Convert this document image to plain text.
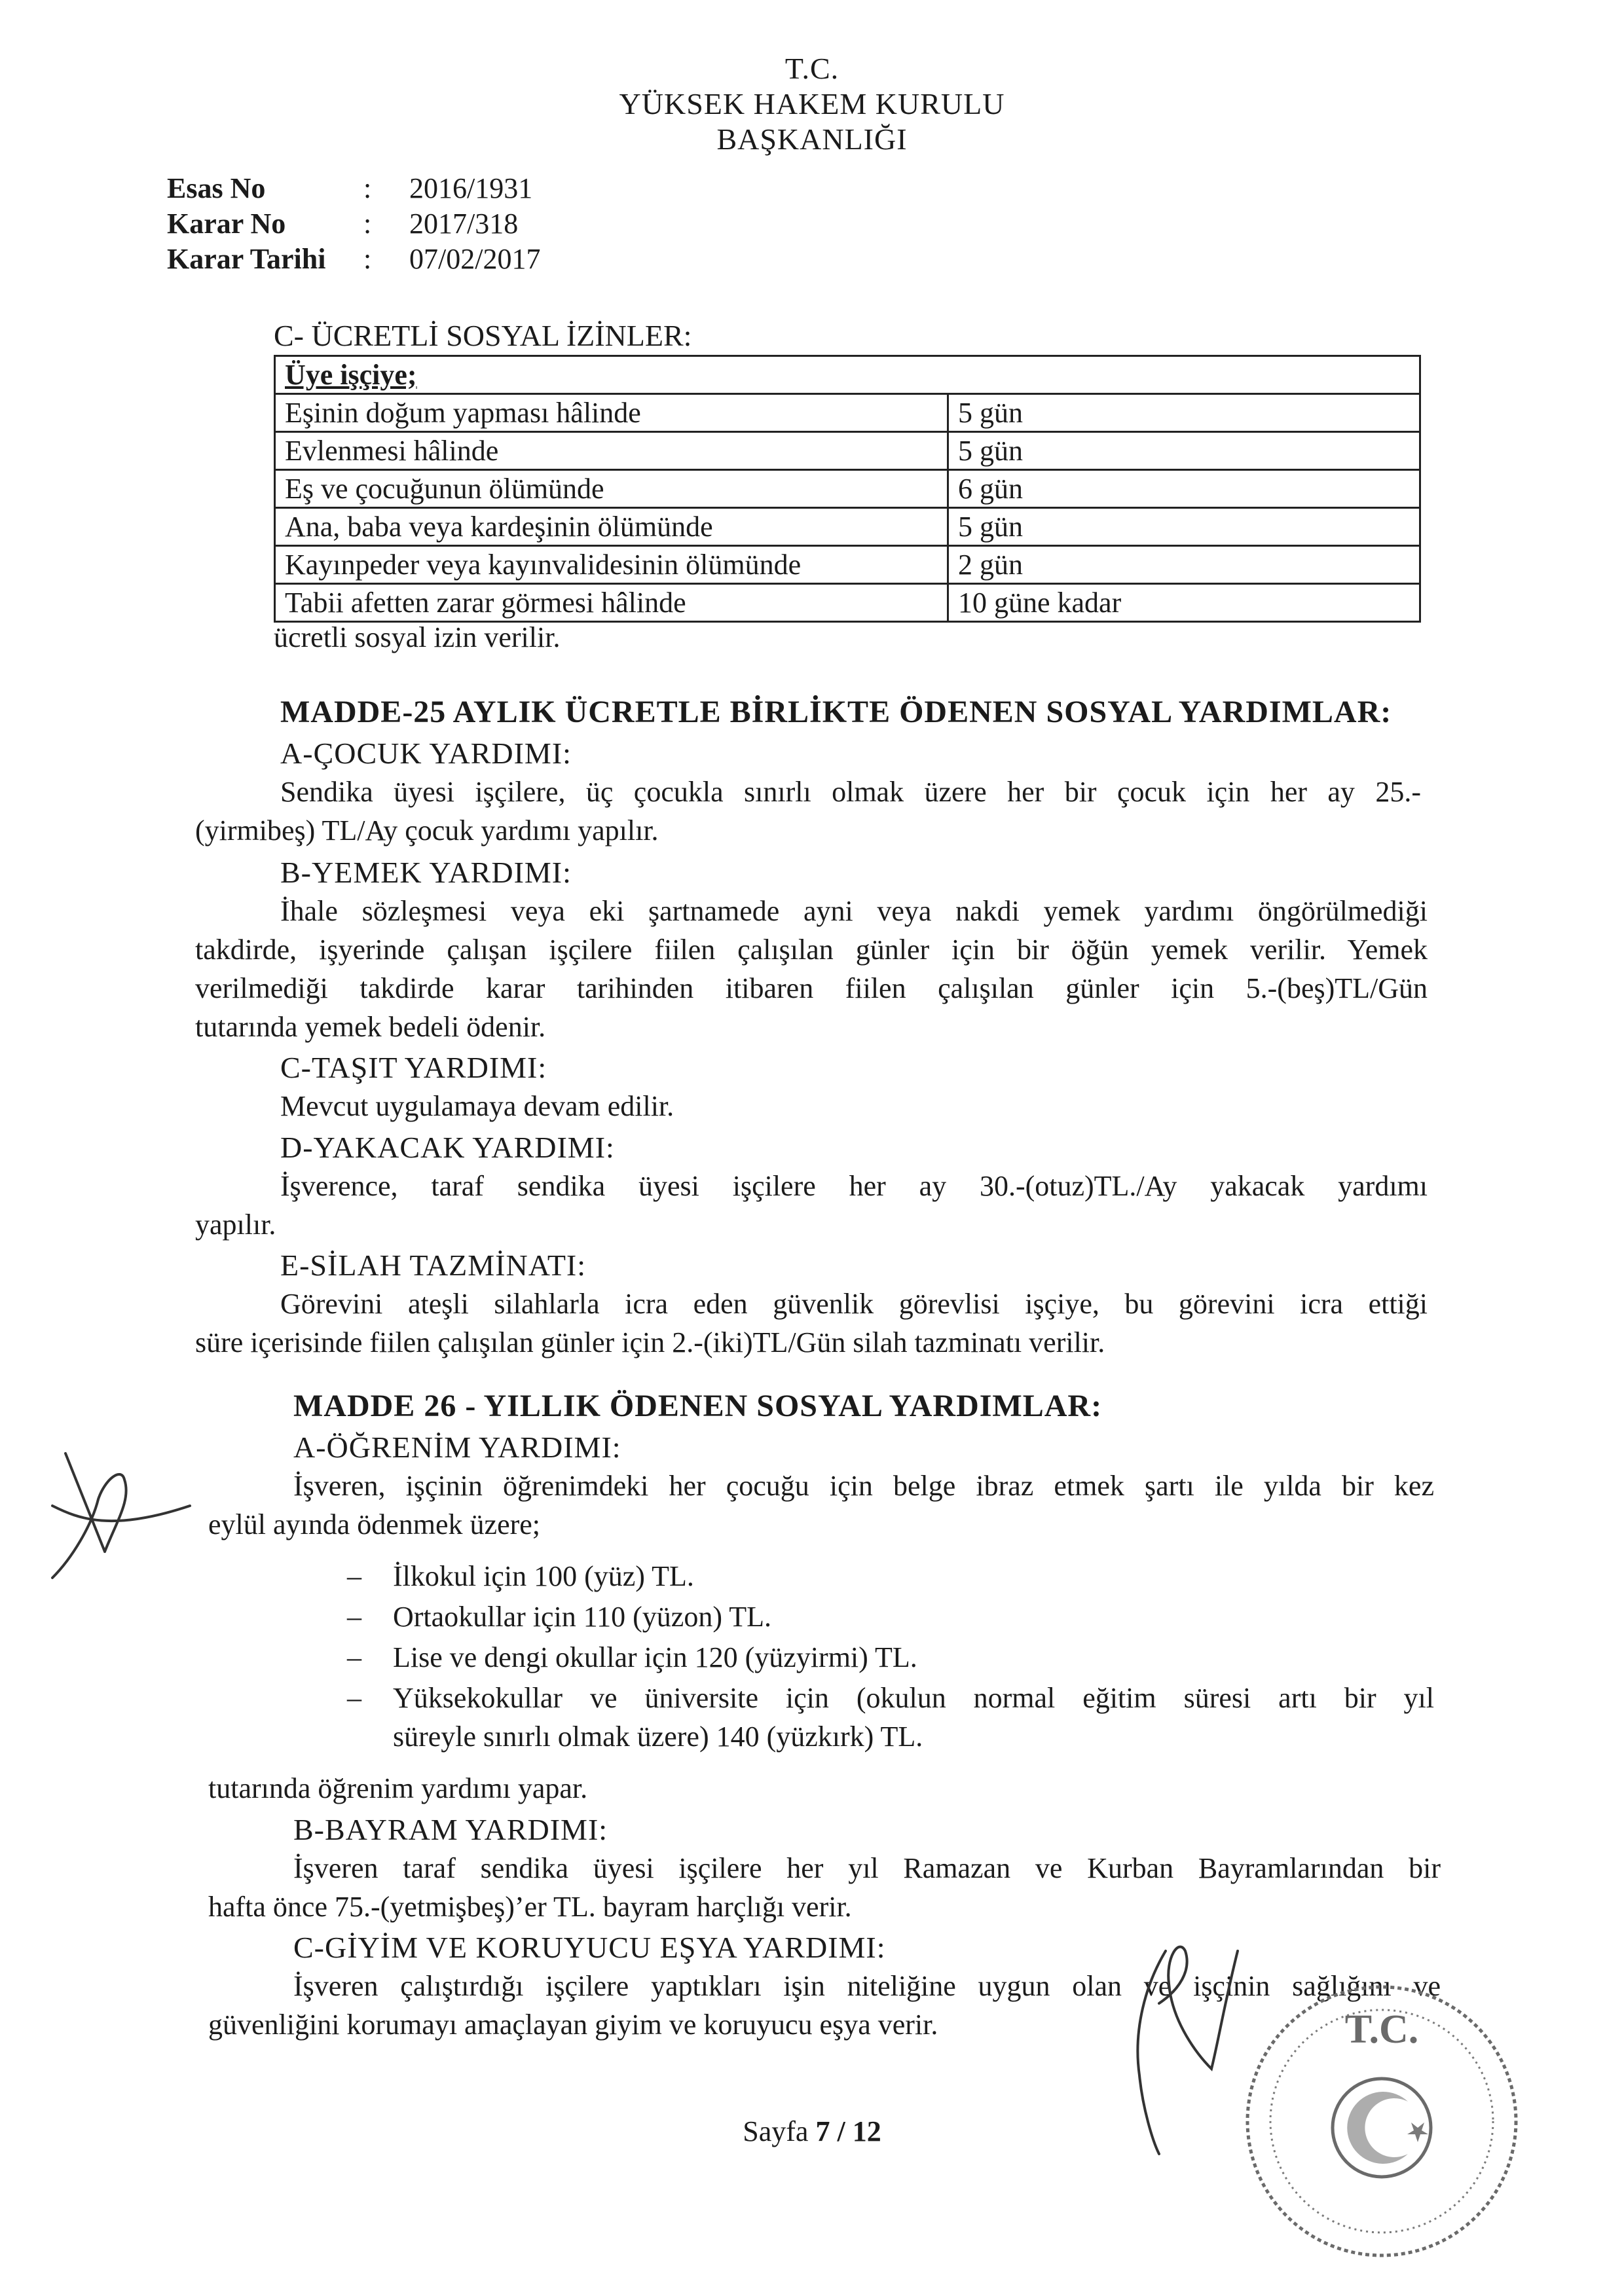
T.C.
YÜKSEK HAKEM KURULU
BAŞKANLIĞI
Esas No	: 2016/1931
Karar No	: 2017/318
Karar Tarihi : 07/02/2017
C- ÜCRETLİ SOSYAL İZİNLER:
Üye işçiye;	
Eşinin doğum yapması hâlinde	5 gün
Evlenmesi hâlinde	5 gün
Eş ve çocuğunun ölümünde	6 gün
Ana, baba veya kardeşinin ölümünde	5 gün
Kayınpeder veya kayınvalidesinin ölümünde	2 gün
Tabii afetten zarar görmesi hâlinde	10 güne kadar
ücretli sosyal izin verilir.
MADDE-25 AYLIK ÜCRETLE BİRLİKTE ÖDENEN SOSYAL YARDIMLAR:
A-ÇOCUK YARDIMI:
Sendika üyesi işçilere, üç çocukla sınırlı olmak üzere her bir çocuk için her ay 25.-
(yirmibeş) TL/Ay çocuk yardımı yapılır.
B-YEMEK YARDIMI:
İhale sözleşmesi veya eki şartnamede ayni veya nakdi yemek yardımı öngörülmediği
takdirde, işyerinde çalışan işçilere fiilen çalışılan günler için bir öğün yemek verilir. Yemek
verilmediği takdirde karar tarihinden itibaren fiilen çalışılan günler için 5.-(beş)TL/Gün
tutarında yemek bedeli ödenir.
C-TAŞIT YARDIMI:
Mevcut uygulamaya devam edilir.
D-YAKACAK YARDIMI:
İşverence, taraf sendika üyesi işçilere her ay 30.-(otuz)TL./Ay yakacak yardımı
yapılır.
E-SİLAH TAZMİNATI:
Görevini ateşli silahlarla icra eden güvenlik görevlisi işçiye, bu görevini icra ettiği
süre içerisinde fiilen çalışılan günler için 2.-(iki)TL/Gün silah tazminatı verilir.
MADDE 26 - YILLIK ÖDENEN SOSYAL YARDIMLAR:
A-ÖĞRENİM YARDIMI:
İşveren, işçinin öğrenimdeki her çocuğu için belge ibraz etmek şartı ile yılda bir kez
eylül ayında ödenmek üzere;
– İlkokul için 100 (yüz) TL.
– Ortaokullar için 110 (yüzon) TL.
– Lise ve dengi okullar için 120 (yüzyirmi) TL.
– Yüksekokullar ve üniversite için (okulun normal eğitim süresi artı bir yıl
süreyle sınırlı olmak üzere) 140 (yüzkırk) TL.
tutarında öğrenim yardımı yapar.
B-BAYRAM YARDIMI:
İşveren taraf sendika üyesi işçilere her yıl Ramazan ve Kurban Bayramlarından bir
hafta önce 75.-(yetmişbeş)’er TL. bayram harçlığı verir.
C-GİYİM VE KORUYUCU EŞYA YARDIMI:
İşveren çalıştırdığı işçilere yaptıkları işin niteliğine uygun olan ve işçinin sağlığını ve
güvenliğini korumayı amaçlayan giyim ve koruyucu eşya verir.	T.C.
Sayfa 7 / 12
